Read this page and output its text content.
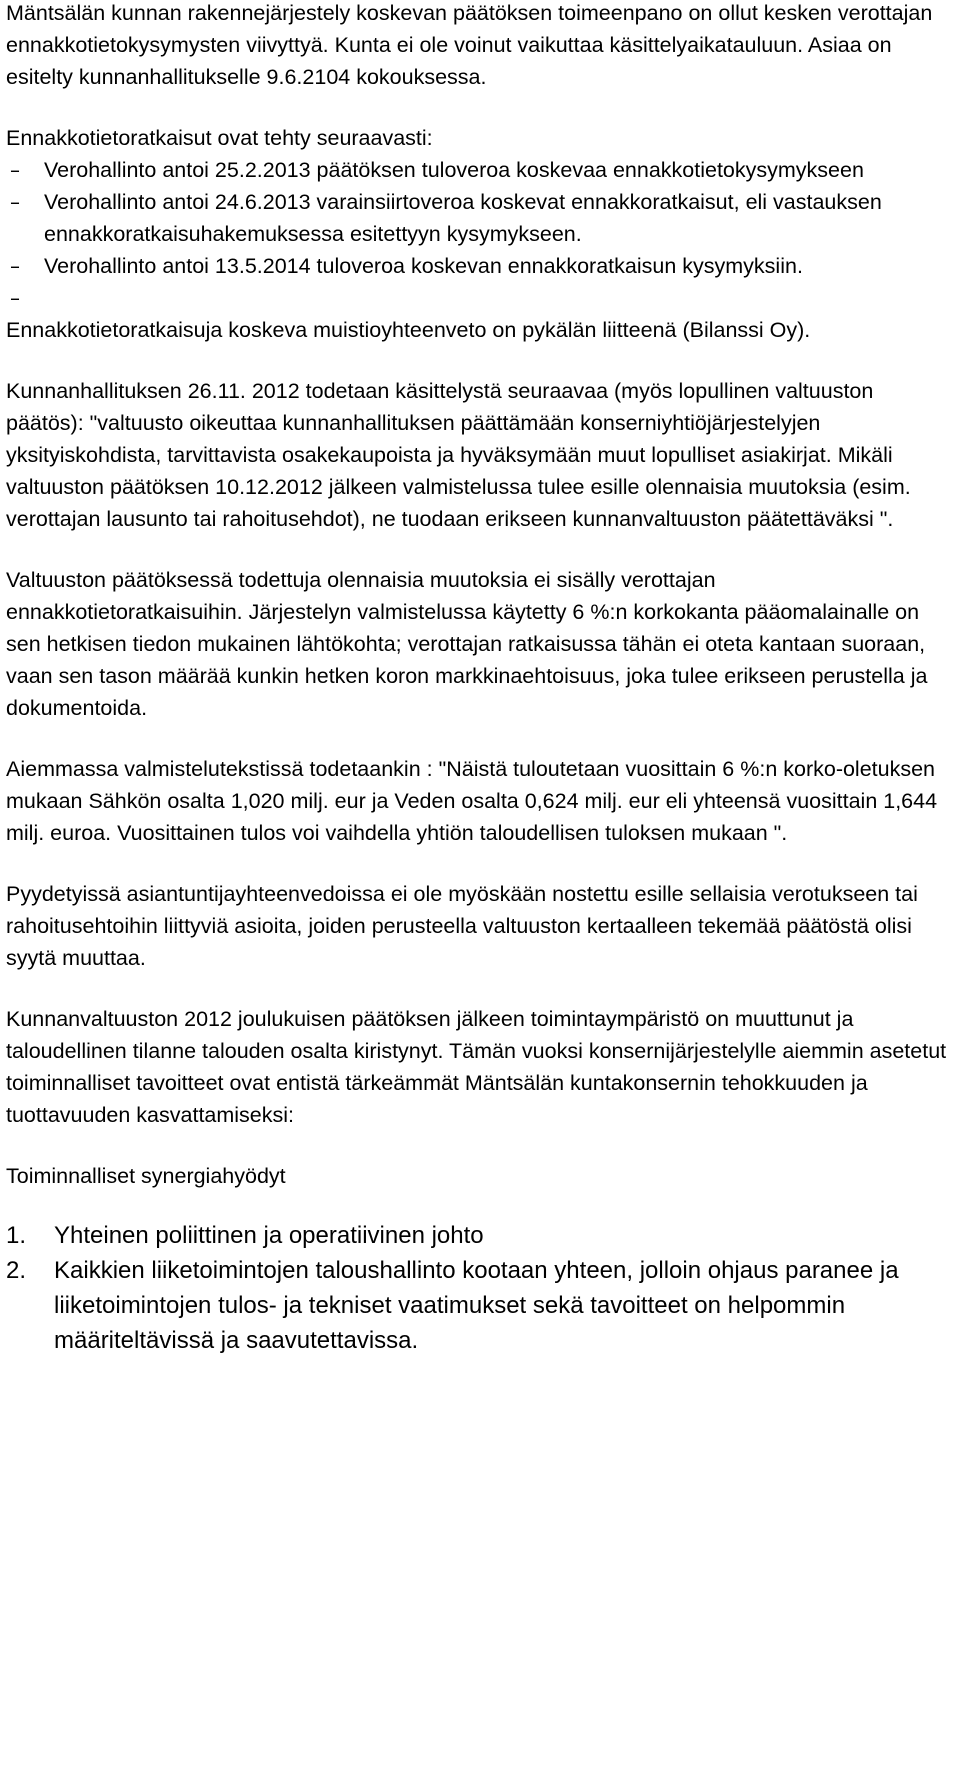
Mäntsälän kunnan rakennejärjestely koskevan päätöksen toimeenpano on ollut kesken verottajan ennakkotietokysymysten viivyttyä. Kunta ei ole voinut vaikuttaa käsittelyaikatauluun. Asiaa on esitelty kunnanhallitukselle 9.6.2104 kokouksessa.

Ennakkotietoratkaisut ovat tehty seuraavasti:

– Verohallinto antoi 25.2.2013 päätöksen tuloveroa koskevaa ennakkotietokysymykseen
– Verohallinto antoi 24.6.2013 varainsiirtoveroa koskevat ennakkoratkaisut, eli vastauksen ennakkoratkaisuhakemuksessa esitettyyn kysymykseen.
– Verohallinto antoi 13.5.2014 tuloveroa koskevan ennakkoratkaisun kysymyksiin.
–

Ennakkotietoratkaisuja koskeva muistioyhteenveto on pykälän liitteenä (Bilanssi Oy).

Kunnanhallituksen 26.11. 2012 todetaan käsittelystä seuraavaa (myös lopullinen valtuuston päätös): "valtuusto oikeuttaa kunnanhallituksen päättämään konserniyhtiöjärjestelyjen yksityiskohdista, tarvittavista osakekaupoista ja hyväksymään muut lopulliset asiakirjat. Mikäli valtuuston päätöksen 10.12.2012 jälkeen valmistelussa tulee esille olennaisia muutoksia (esim. verottajan lausunto tai rahoitusehdot), ne tuodaan erikseen kunnanvaltuuston päätettäväksi ".

Valtuuston päätöksessä todettuja olennaisia muutoksia ei sisälly verottajan ennakkotietoratkaisuihin. Järjestelyn valmistelussa käytetty 6 %:n korkokanta pääomalainalle on sen hetkisen tiedon mukainen lähtökohta; verottajan ratkaisussa tähän ei oteta kantaan suoraan, vaan sen tason määrää kunkin hetken koron markkinaehtoisuus, joka tulee erikseen perustella ja dokumentoida.

Aiemmassa valmistelutekstissä todetaankin : "Näistä tuloutetaan vuosittain 6 %:n korko-oletuksen mukaan Sähkön osalta 1,020 milj. eur ja Veden osalta 0,624 milj. eur eli yhteensä vuosittain 1,644 milj. euroa. Vuosittainen tulos voi vaihdella yhtiön taloudellisen tuloksen mukaan ".

Pyydetyissä asiantuntijayhteenvedoissa ei ole myöskään nostettu esille sellaisia verotukseen tai rahoitusehtoihin liittyviä asioita, joiden perusteella valtuuston kertaalleen tekemää päätöstä olisi syytä muuttaa.

Kunnanvaltuuston 2012 joulukuisen päätöksen jälkeen toimintaympäristö on muuttunut ja taloudellinen tilanne talouden osalta kiristynyt. Tämän vuoksi konsernijärjestelylle aiemmin asetetut toiminnalliset tavoitteet ovat entistä tärkeämmät Mäntsälän kuntakonsernin tehokkuuden ja tuottavuuden kasvattamiseksi:

Toiminnalliset synergiahyödyt

1. Yhteinen poliittinen ja operatiivinen johto
2. Kaikkien liiketoimintojen taloushallinto kootaan yhteen, jolloin ohjaus paranee ja liiketoimintojen tulos- ja tekniset vaatimukset sekä tavoitteet on helpommin määriteltävissä ja saavutettavissa.
